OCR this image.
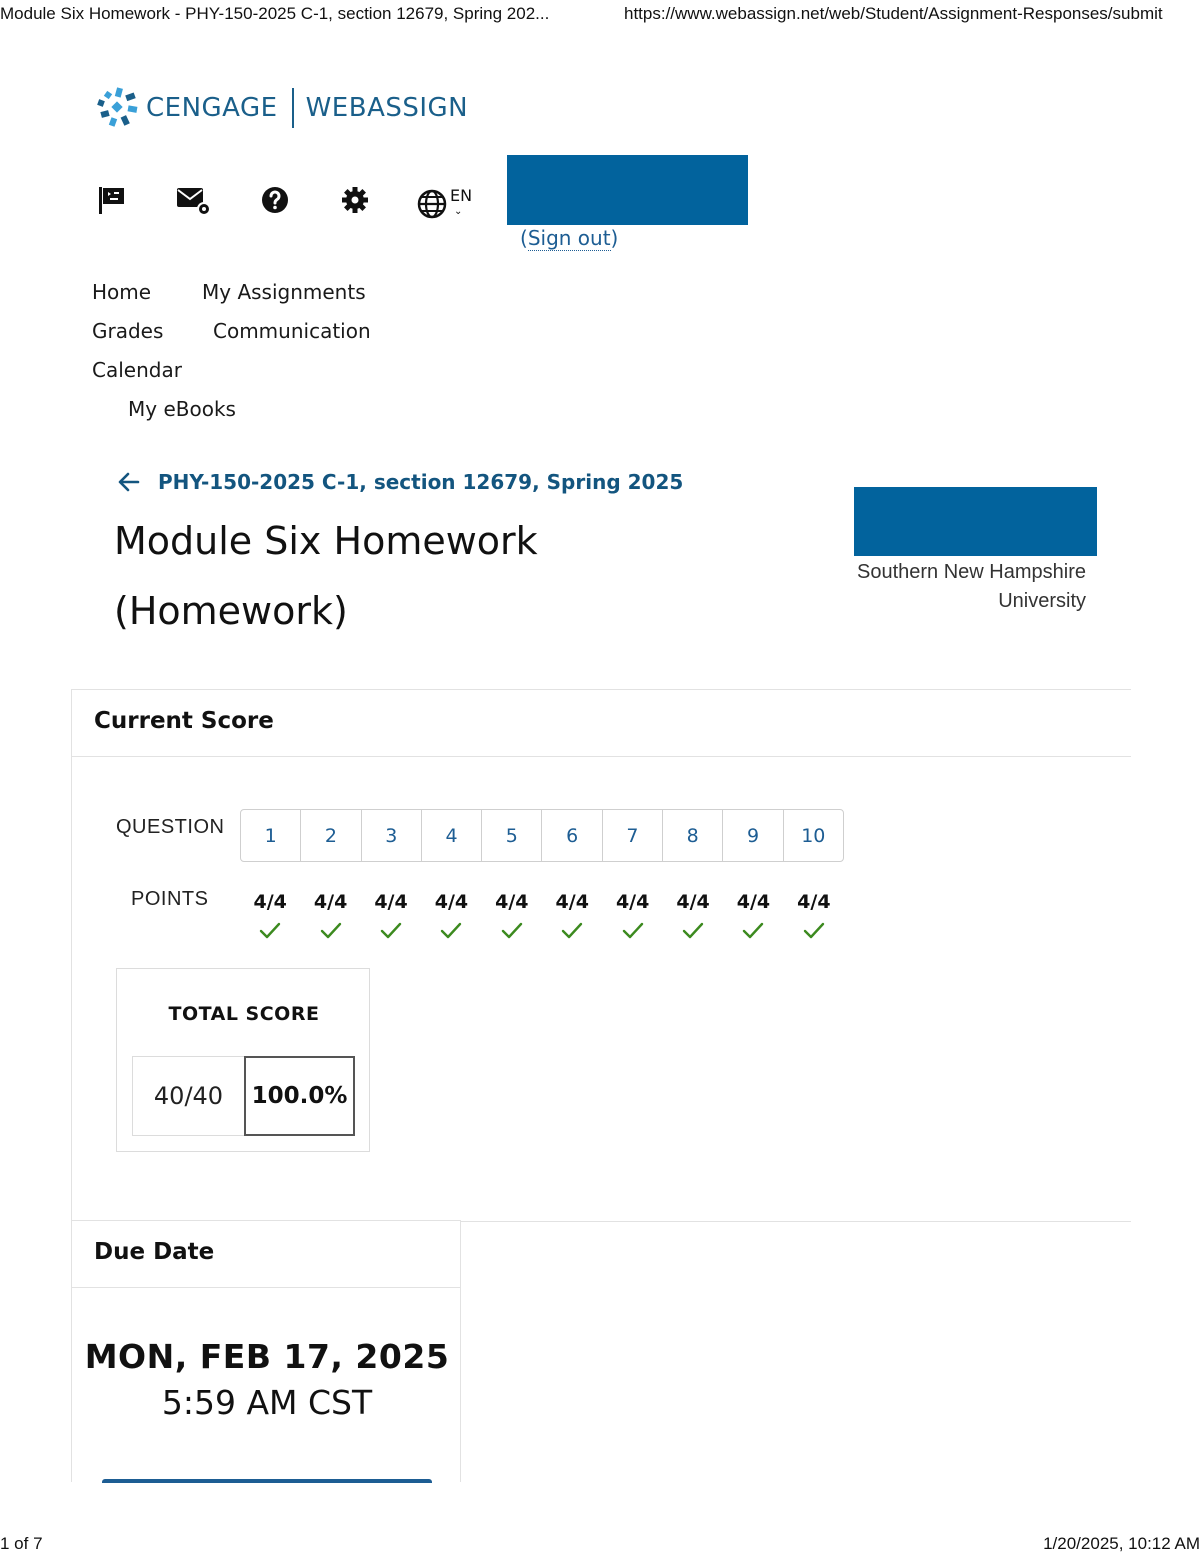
Module Six Homework - PHY-150-2025 C-1, section 12679, Spring 202...	https://www.webassign.net/web/Student/Assignment-Responses/submit
CENGAGE WEBASSIGN
EN
⌄
(Sign out)
Home	My Assignments
Grades Communication
Calendar
My eBooks
PHY-150-2025 C-1, section 12679, Spring 2025
Module Six Homework
(Homework)
Southern New Hampshire
University
Current Score
QUESTION	1	2	3	4	5	6	7	8	9	10
POINTS 4/4 4/4 4/4 4/4 4/4 4/4 4/4 4/4 4/4 4/4
TOTAL SCORE
40/40	100.0%
Due Date
MON, FEB 17, 2025
5:59 AM CST
1 of 7	1/20/2025, 10:12 AM
